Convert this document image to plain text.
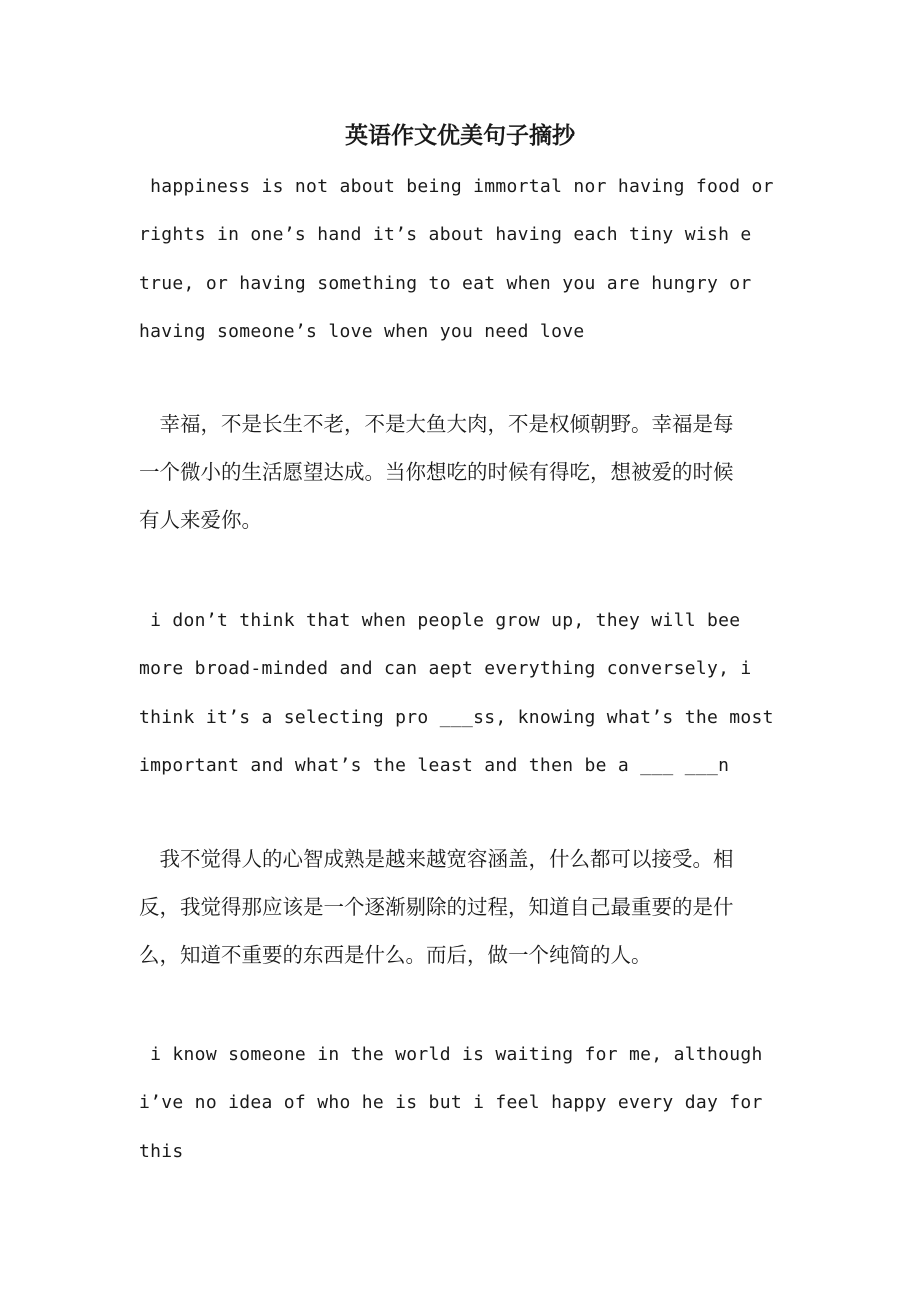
英语作文优美句子摘抄

 happiness is not about being immortal nor having food or
rights in one’s hand it’s about having each tiny wish e
true, or having something to eat when you are hungry or
having someone’s love when you need love

　幸福，不是长生不老，不是大鱼大肉，不是权倾朝野。幸福是每
一个微小的生活愿望达成。当你想吃的时候有得吃，想被爱的时候
有人来爱你。

 i don’t think that when people grow up, they will bee
more broad-minded and can aept everything conversely, i
think it’s a selecting pro ___ss, knowing what’s the most
important and what’s the least and then be a ___ ___n

　我不觉得人的心智成熟是越来越宽容涵盖，什么都可以接受。相
反，我觉得那应该是一个逐渐剔除的过程，知道自己最重要的是什
么，知道不重要的东西是什么。而后，做一个纯简的人。

 i know someone in the world is waiting for me, although
i’ve no idea of who he is but i feel happy every day for
this
